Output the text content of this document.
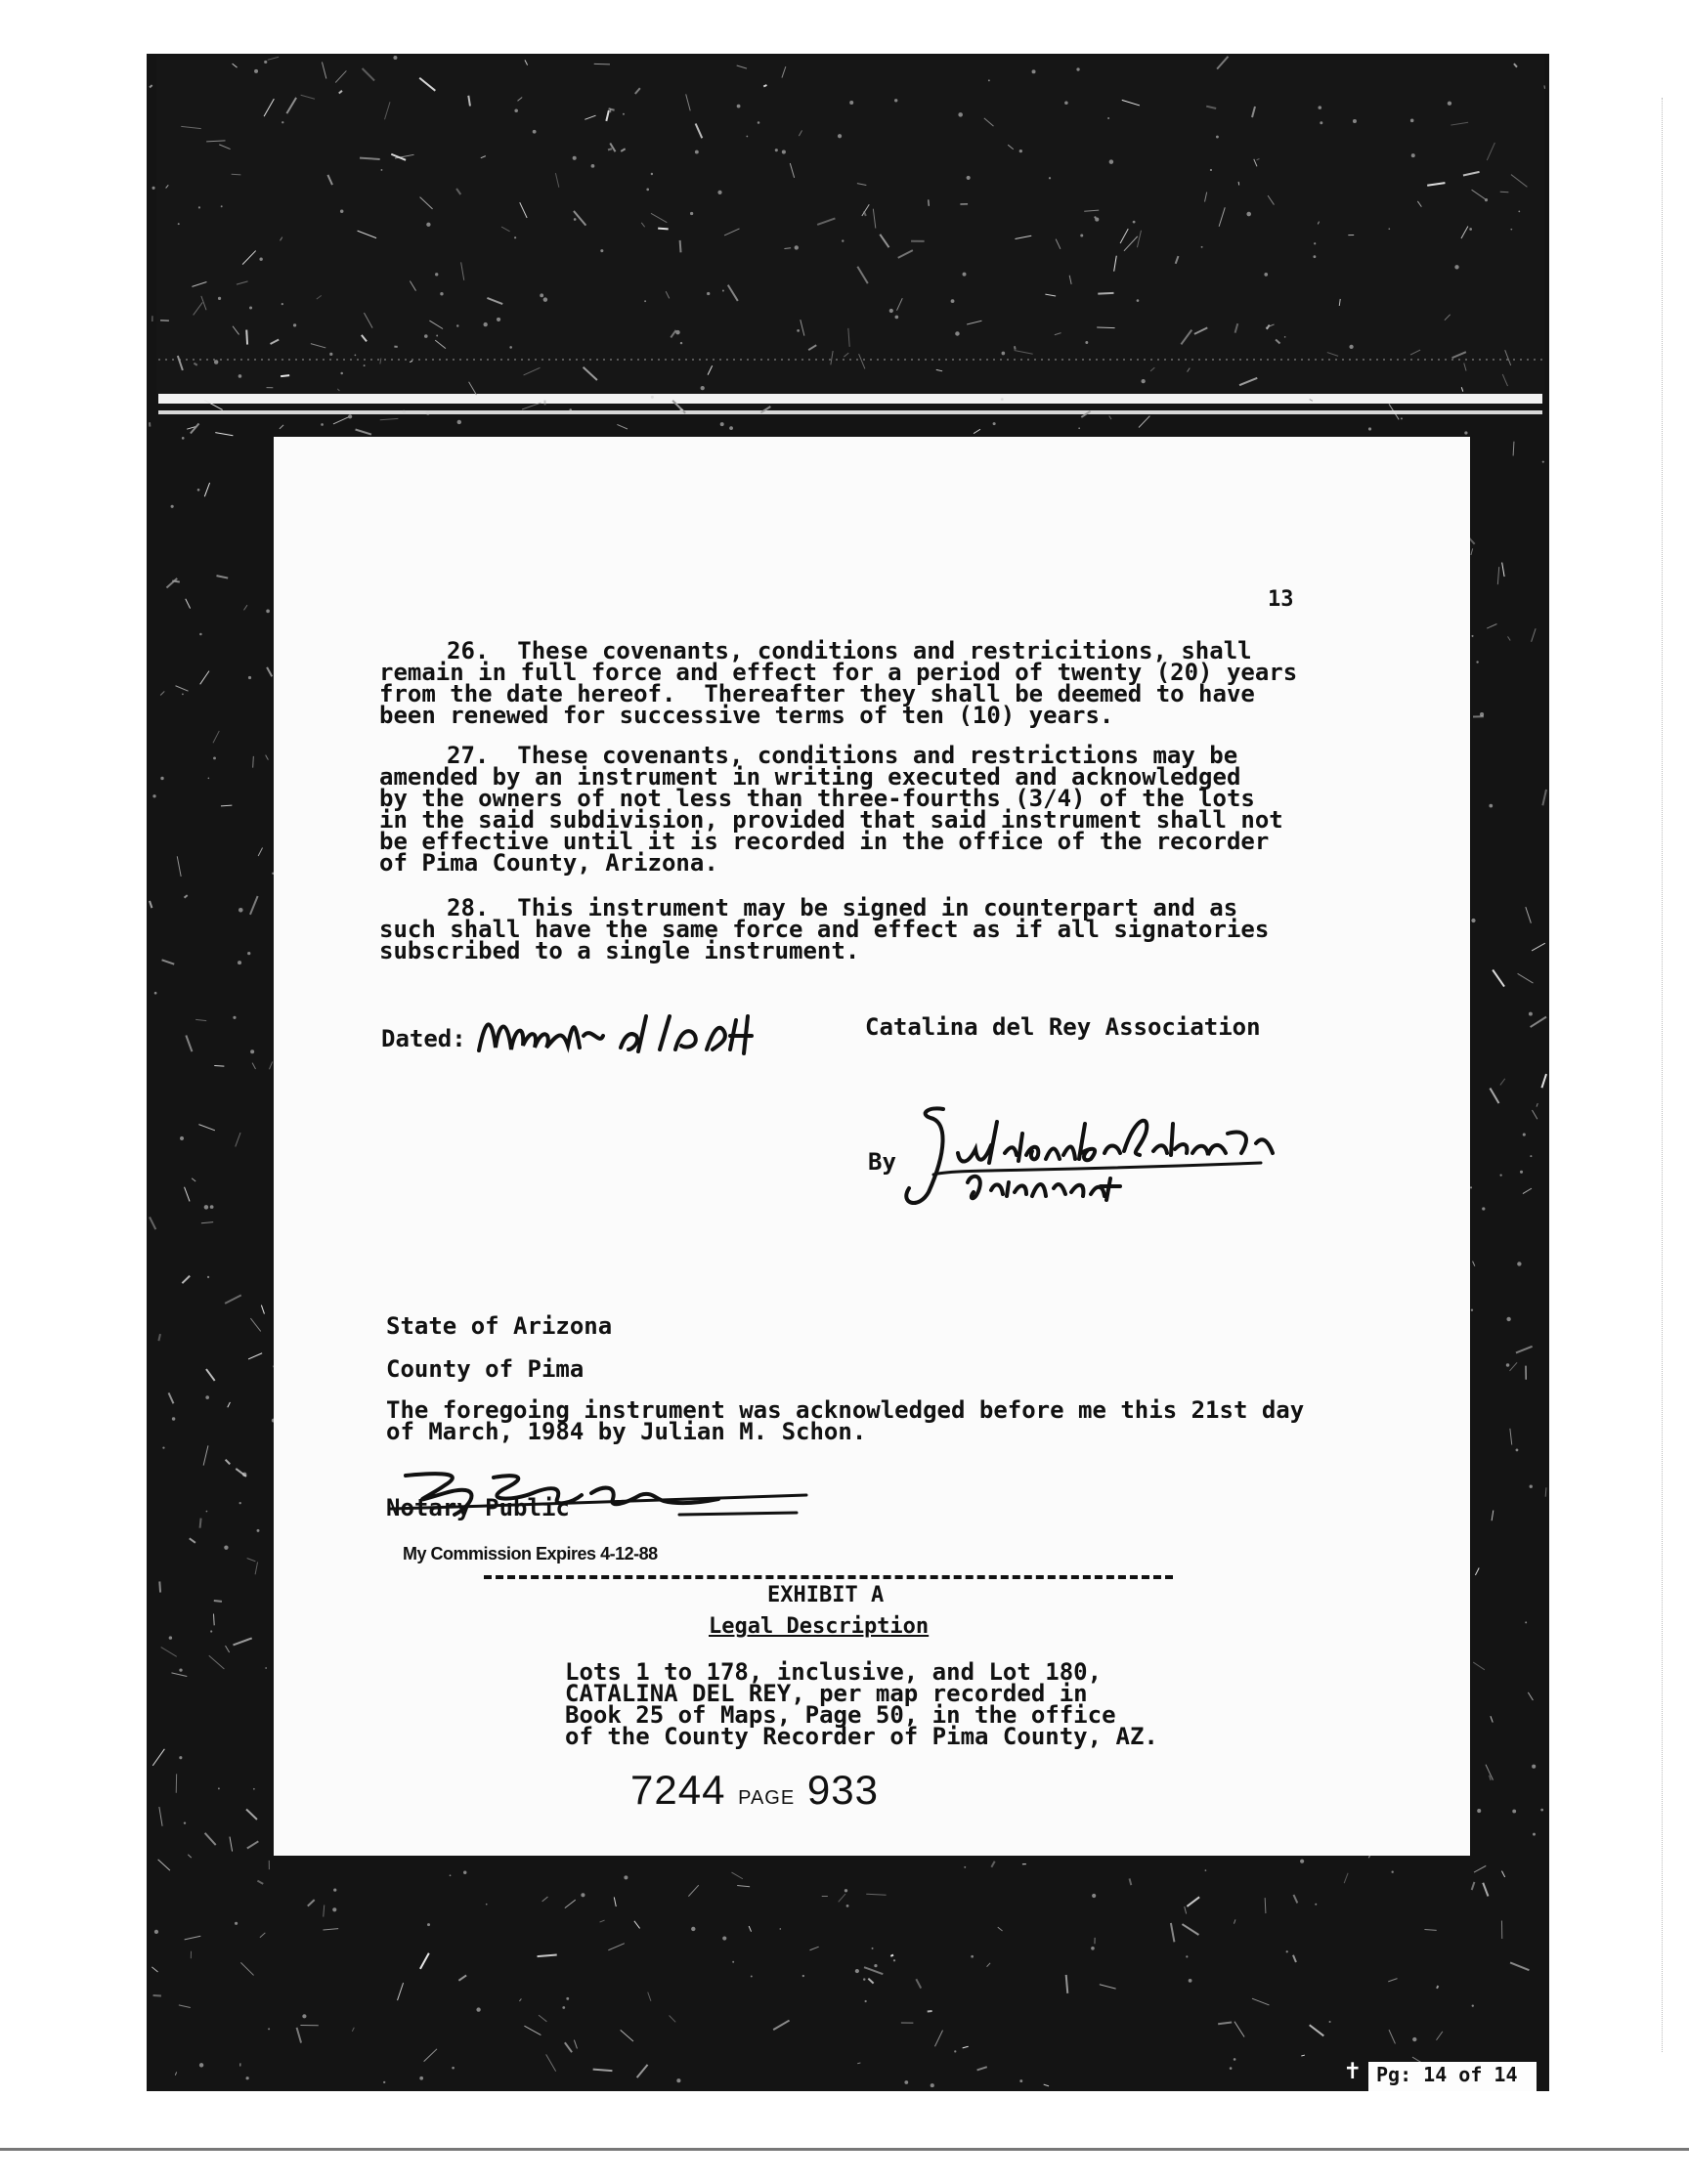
13
26.  These covenants, conditions and restricitions, shall
remain in full force and effect for a period of twenty (20) years
from the date hereof.  Thereafter they shall be deemed to have
been renewed for successive terms of ten (10) years.
27.  These covenants, conditions and restrictions may be
amended by an instrument in writing executed and acknowledged
by the owners of not less than three-fourths (3/4) of the lots
in the said subdivision, provided that said instrument shall not
be effective until it is recorded in the office of the recorder
of Pima County, Arizona.
28.  This instrument may be signed in counterpart and as
such shall have the same force and effect as if all signatories
subscribed to a single instrument.
Dated:	Catalina del Rey Association
By
State of Arizona
County of Pima
The foregoing instrument was acknowledged before me this 21st day
of March, 1984 by Julian M. Schon.
Notary Public
My Commission Expires 4-12-88
EXHIBIT A
Legal Description
Lots 1 to 178, inclusive, and Lot 180,
CATALINA DEL REY, per map recorded in
Book 25 of Maps, Page 50, in the office
of the County Recorder of Pima County, AZ.
7244 PAGE 933
✝ Pg: 14 of 14
